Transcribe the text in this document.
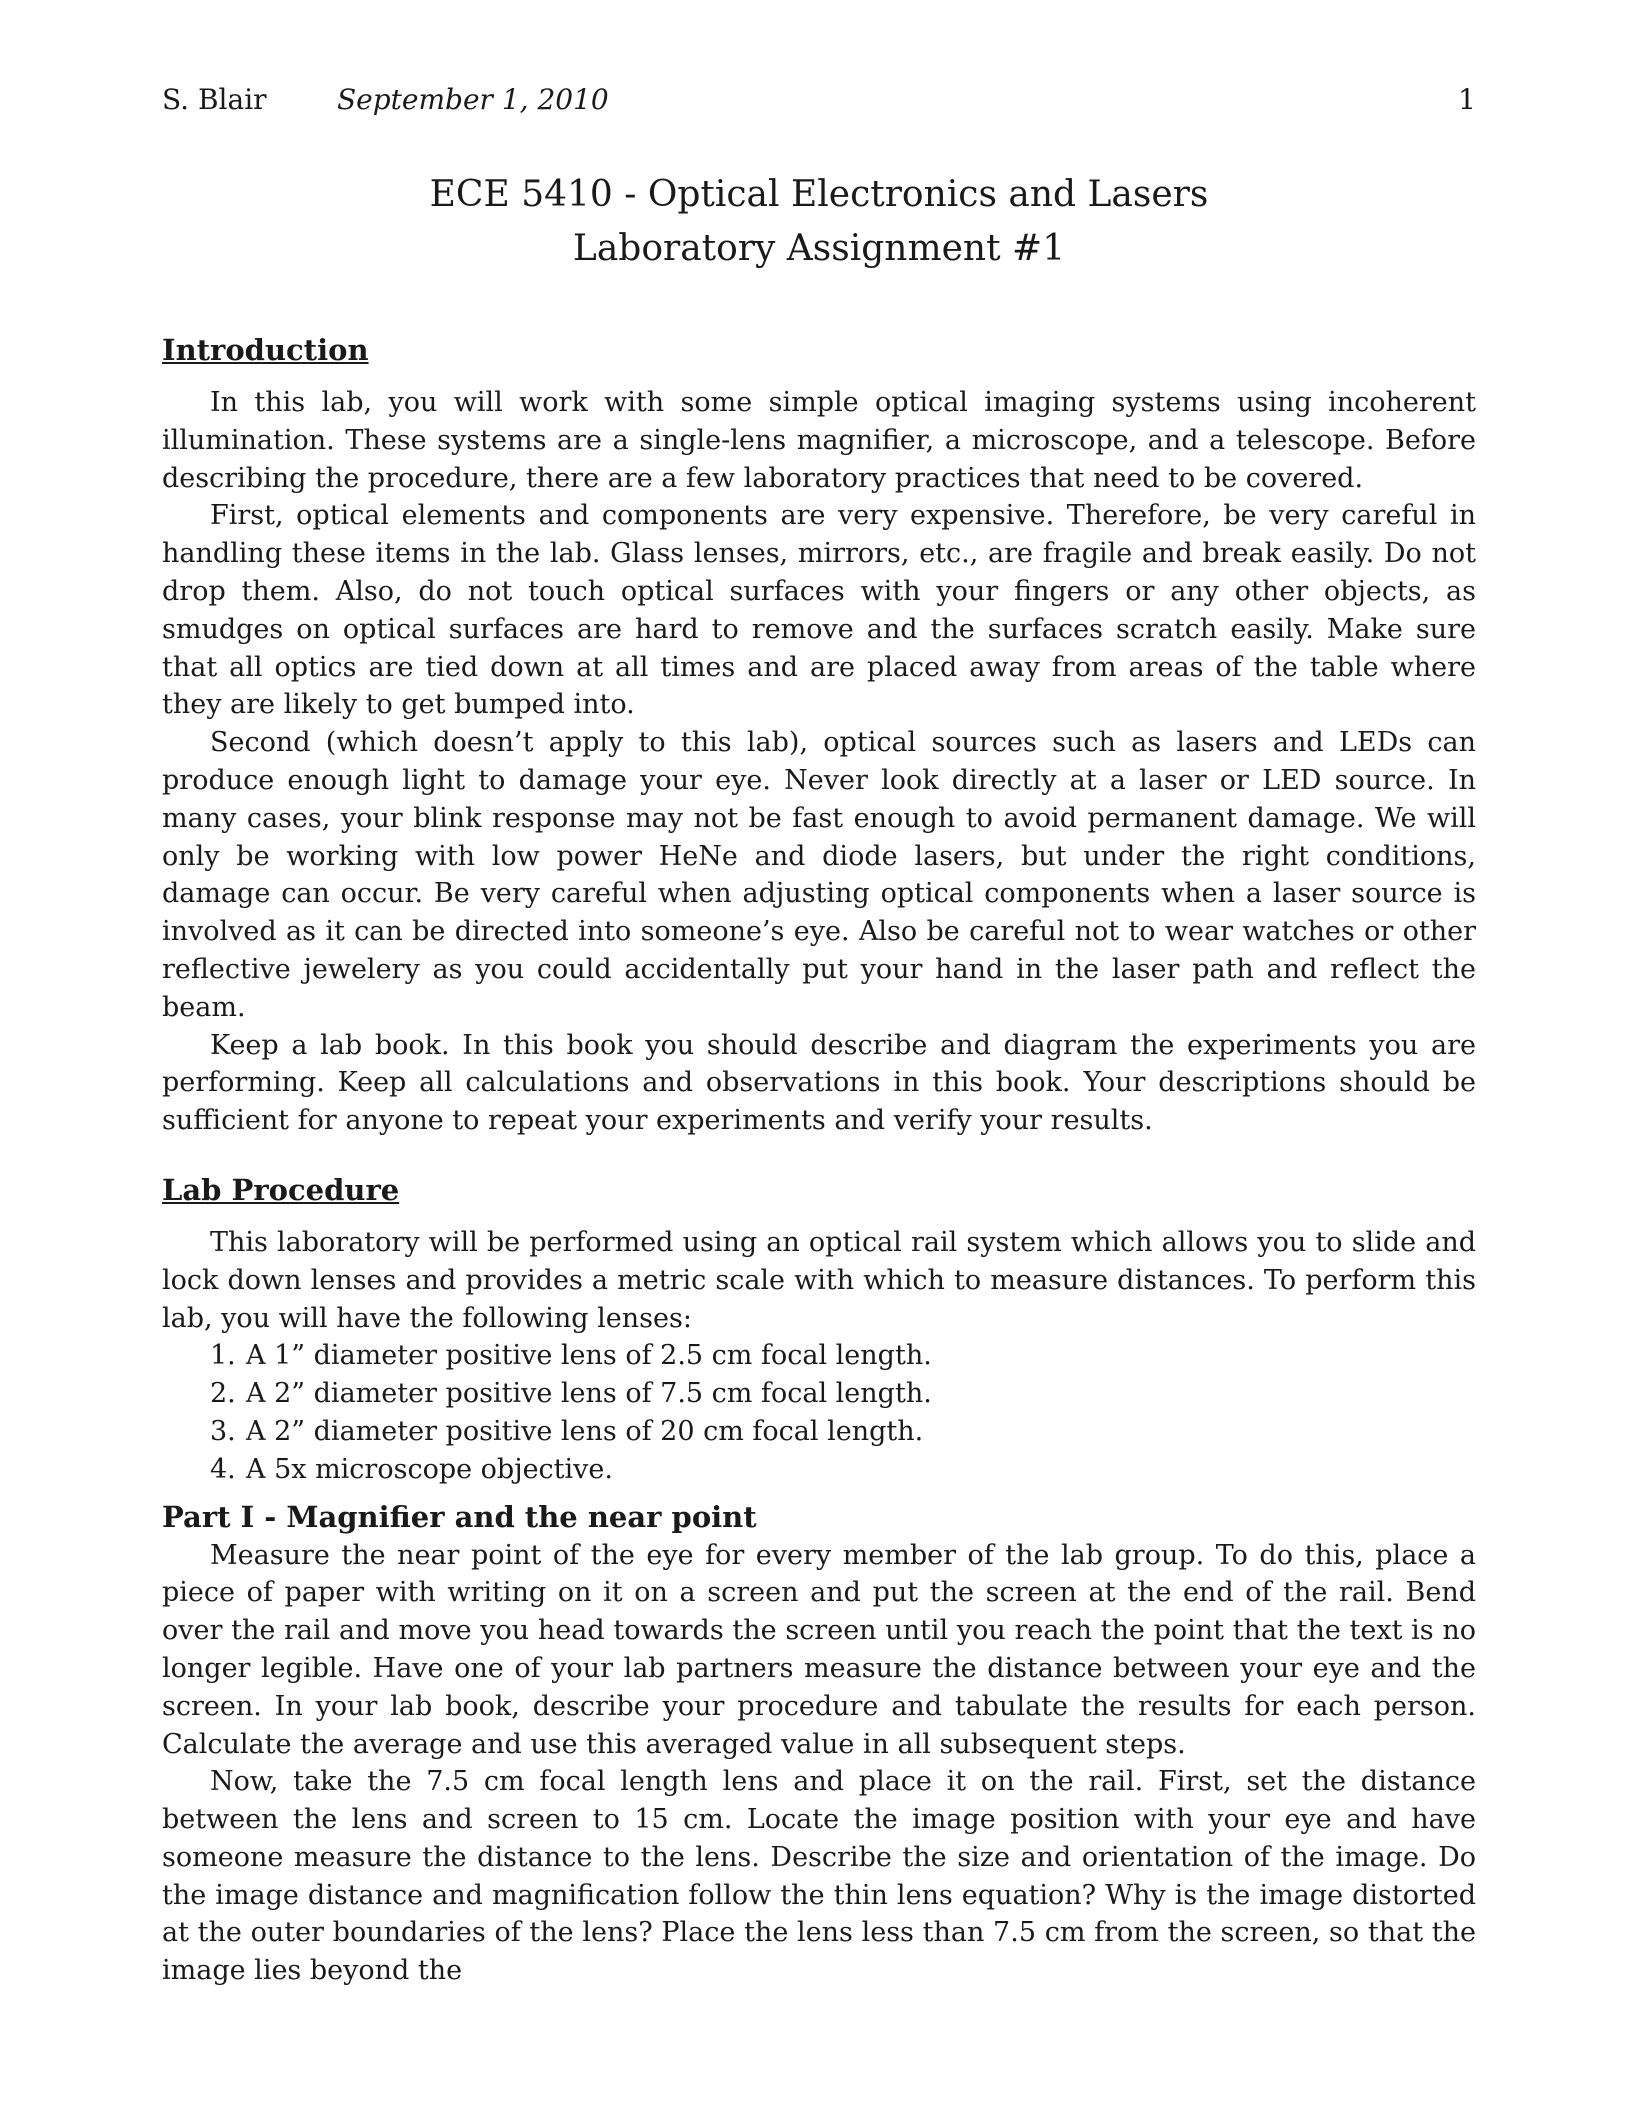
S. Blair	September 1, 2010	1
ECE 5410 - Optical Electronics and Lasers
Laboratory Assignment #1
Introduction

In this lab, you will work with some simple optical imaging systems using incoherent illumination. These systems are a single-lens magnifier, a microscope, and a telescope. Before describing the procedure, there are a few laboratory practices that need to be covered.

First, optical elements and components are very expensive. Therefore, be very careful in handling these items in the lab. Glass lenses, mirrors, etc., are fragile and break easily. Do not drop them. Also, do not touch optical surfaces with your fingers or any other objects, as smudges on optical surfaces are hard to remove and the surfaces scratch easily. Make sure that all optics are tied down at all times and are placed away from areas of the table where they are likely to get bumped into.

Second (which doesn’t apply to this lab), optical sources such as lasers and LEDs can produce enough light to damage your eye. Never look directly at a laser or LED source. In many cases, your blink response may not be fast enough to avoid permanent damage. We will only be working with low power HeNe and diode lasers, but under the right conditions, damage can occur. Be very careful when adjusting optical components when a laser source is involved as it can be directed into someone’s eye. Also be careful not to wear watches or other reflective jewelery as you could accidentally put your hand in the laser path and reflect the beam.

Keep a lab book. In this book you should describe and diagram the experiments you are performing. Keep all calculations and observations in this book. Your descriptions should be sufficient for anyone to repeat your experiments and verify your results.

Lab Procedure

This laboratory will be performed using an optical rail system which allows you to slide and lock down lenses and provides a metric scale with which to measure distances. To perform this lab, you will have the following lenses:

1. A 1” diameter positive lens of 2.5 cm focal length.
2. A 2” diameter positive lens of 7.5 cm focal length.
3. A 2” diameter positive lens of 20 cm focal length.
4. A 5x microscope objective.
Part I - Magnifier and the near point

Measure the near point of the eye for every member of the lab group. To do this, place a piece of paper with writing on it on a screen and put the screen at the end of the rail. Bend over the rail and move you head towards the screen until you reach the point that the text is no longer legible. Have one of your lab partners measure the distance between your eye and the screen. In your lab book, describe your procedure and tabulate the results for each person. Calculate the average and use this averaged value in all subsequent steps.

Now, take the 7.5 cm focal length lens and place it on the rail. First, set the distance between the lens and screen to 15 cm. Locate the image position with your eye and have someone measure the distance to the lens. Describe the size and orientation of the image. Do the image distance and magnification follow the thin lens equation? Why is the image distorted at the outer boundaries of the lens? Place the lens less than 7.5 cm from the screen, so that the image lies beyond the
